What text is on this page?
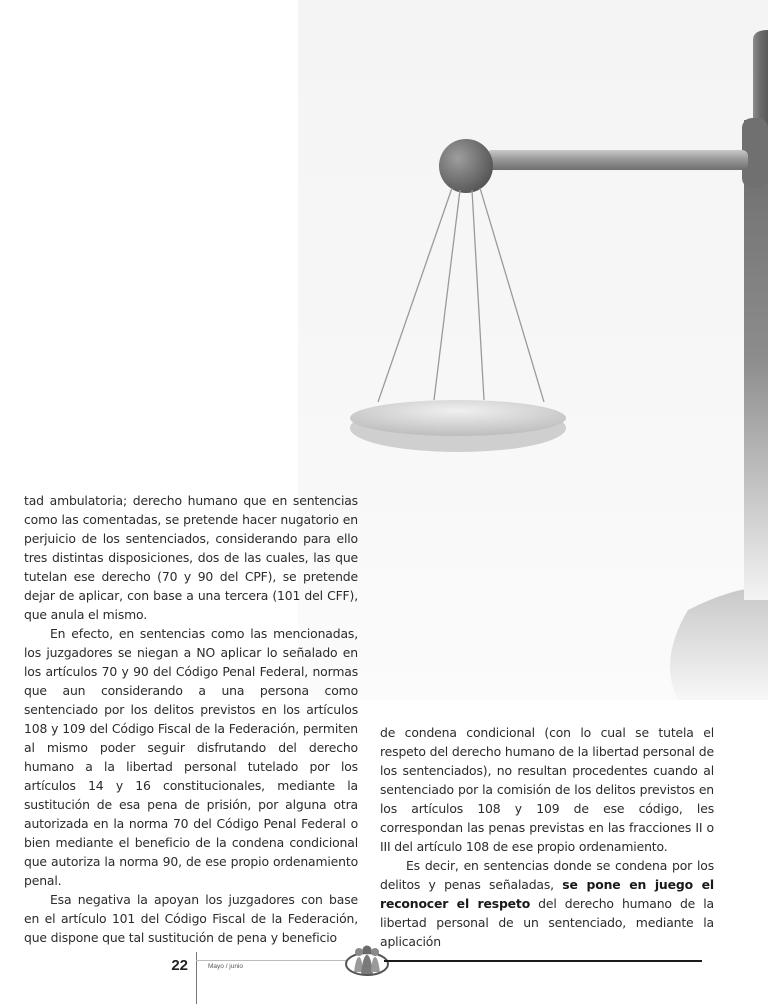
tad ambulatoria; derecho humano que en sentencias como las comentadas, se pretende hacer nugatorio en perjuicio de los sentenciados, considerando para ello tres distintas disposiciones, dos de las cuales, las que tutelan ese derecho (70 y 90 del CPF), se pretende dejar de aplicar, con base a una tercera (101 del CFF), que anula el mismo.

En efecto, en sentencias como las mencionadas, los juzgadores se niegan a NO aplicar lo señalado en los artículos 70 y 90 del Código Penal Federal, normas que aun considerando a una persona como sentenciado por los delitos previstos en los artículos 108 y 109 del Código Fiscal de la Federación, permiten al mismo poder seguir disfrutando del derecho humano a la libertad personal tutelado por los artículos 14 y 16 constitucionales, mediante la sustitución de esa pena de prisión, por alguna otra autorizada en la norma 70 del Código Penal Federal o bien mediante el beneficio de la condena condicional que autoriza la norma 90, de ese propio ordenamiento penal.

Esa negativa la apoyan los juzgadores con base en el artículo 101 del Código Fiscal de la Federación, que dispone que tal sustitución de pena y beneficio

de condena condicional (con lo cual se tutela el respeto del derecho humano de la libertad personal de los sentenciados), no resultan procedentes cuando al sentenciado por la comisión de los delitos previstos en los artículos 108 y 109 de ese código, les correspondan las penas previstas en las fracciones II o III del artículo 108 de ese propio ordenamiento.

Es decir, en sentencias donde se condena por los delitos y penas señaladas, se pone en juego el reconocer el respeto del derecho humano de la libertad personal de un sentenciado, mediante la aplicación

22	Mayo / junio
